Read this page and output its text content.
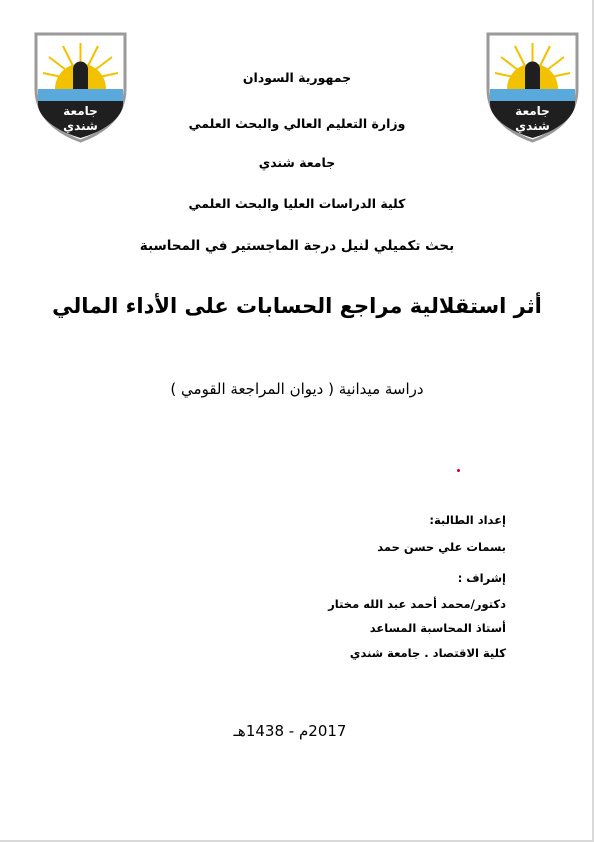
جامعة
شندي
جامعة
شندي
جمهورية السودان
وزارة التعليم العالي والبحث العلمي
جامعة شندي
كلية الدراسات العليا والبحث العلمي
بحث تكميلي لنيل درجة الماجستير في المحاسبة
أثر استقلالية مراجع الحسابات على الأداء المالي
دراسة ميدانية ( ديوان المراجعة القومي )
إعداد الطالبة:
بسمات علي حسن حمد
إشراف :
دكتور/محمد أحمد عبد الله مختار
أستاذ المحاسبة المساعد
كلية الاقتصاد . جامعة شندي
2017م - 1438هـ
